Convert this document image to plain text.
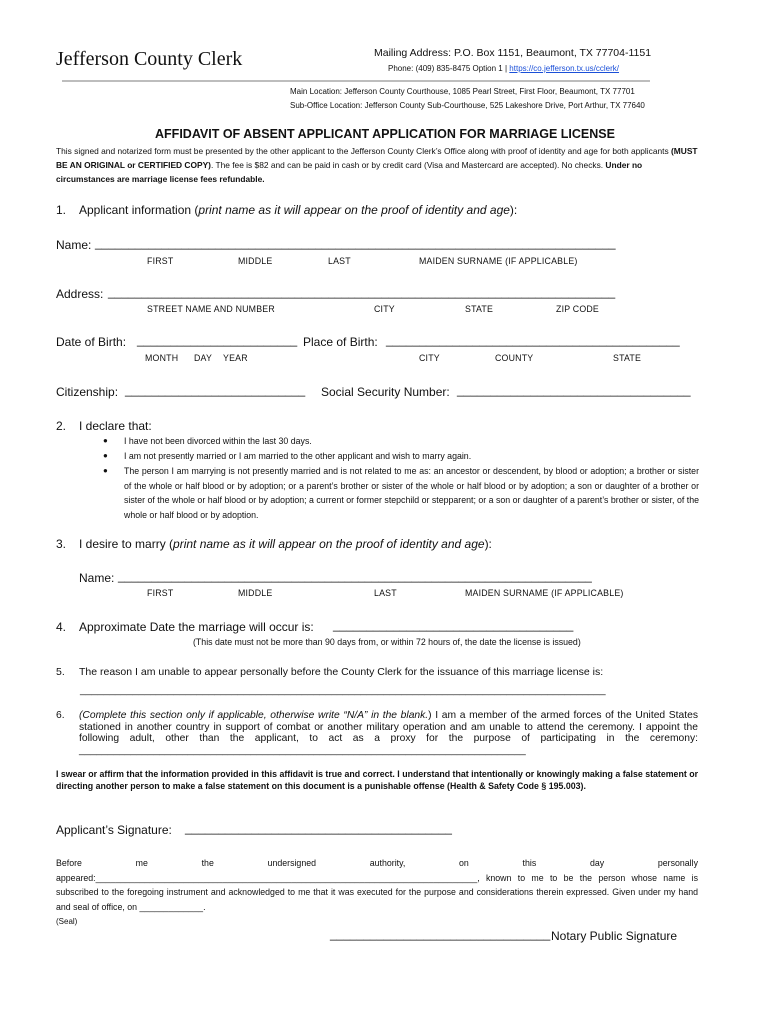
Jefferson County Clerk	Mailing Address: P.O. Box 1151, Beaumont, TX 77704-1151
Phone: (409) 835-8475 Option 1 | https://co.jefferson.tx.us/cclerk/
Main Location: Jefferson County Courthouse, 1085 Pearl Street, First Floor, Beaumont, TX 77701
Sub-Office Location: Jefferson County Sub-Courthouse, 525 Lakeshore Drive, Port Arthur, TX 77640
AFFIDAVIT OF ABSENT APPLICANT APPLICATION FOR MARRIAGE LICENSE
This signed and notarized form must be presented by the other applicant to the Jefferson County Clerk’s Office along with proof of identity and age for both applicants (MUST BE AN ORIGINAL or CERTIFIED COPY). The fee is $82 and can be paid in cash or by credit card (Visa and Mastercard are accepted). No checks. Under no circumstances are marriage license fees refundable.
1. Applicant information (print name as it will appear on the proof of identity and age):
Name: ______________________________________________________________________________
FIRST	MIDDLE	LAST	MAIDEN SURNAME (IF APPLICABLE)
Address: ____________________________________________________________________________
STREET NAME AND NUMBER	CITY	STATE	ZIP CODE
Date of Birth: ________________________ Place of Birth: ____________________________________________
MONTH DAY YEAR	CITY	COUNTY	STATE
Citizenship: ___________________________ Social Security Number: ___________________________________
2. I declare that:
● I have not been divorced within the last 30 days.
● I am not presently married or I am married to the other applicant and wish to marry again.
● The person I am marrying is not presently married and is not related to me as: an ancestor or descendent, by blood or adoption; a brother or sister of the whole or half blood or by adoption; or a parent’s brother or sister of the whole or half blood or by adoption; a son or daughter of a brother or sister of the whole or half blood or by adoption; a current or former stepchild or stepparent; or a son or daughter of a parent’s brother or sister, of the whole or half blood or by adoption.
3. I desire to marry (print name as it will appear on the proof of identity and age):
Name: _______________________________________________________________________
FIRST	MIDDLE	LAST	MAIDEN SURNAME (IF APPLICABLE)
4. Approximate Date the marriage will occur is: ____________________________________
(This date must not be more than 90 days from, or within 72 hours of, the date the license is issued)
5. The reason I am unable to appear personally before the County Clerk for the issuance of this marriage license is:
__________________________________________________________________________________________
6. (Complete this section only if applicable, otherwise write “N/A” in the blank.) I am a member of the armed forces of the United States stationed in another country in support of combat or another military operation and am unable to attend the ceremony. I appoint the following adult, other than the applicant, to act as a proxy for the purpose of participating in the ceremony: ______________________________________________________________________________
I swear or affirm that the information provided in this affidavit is true and correct. I understand that intentionally or knowingly making a false statement or directing another person to make a false statement on this document is a punishable offense (Health & Safety Code § 195.003).
Applicant’s Signature: ________________________________________
Before me the undersigned authority, on this day personally appeared:______________________________________________________________________________, known to me to be the person whose name is subscribed to the foregoing instrument and acknowledged to me that it was executed for the purpose and considerations therein expressed. Given under my hand and seal of office, on _____________.
(Seal)
_________________________________ Notary Public Signature
